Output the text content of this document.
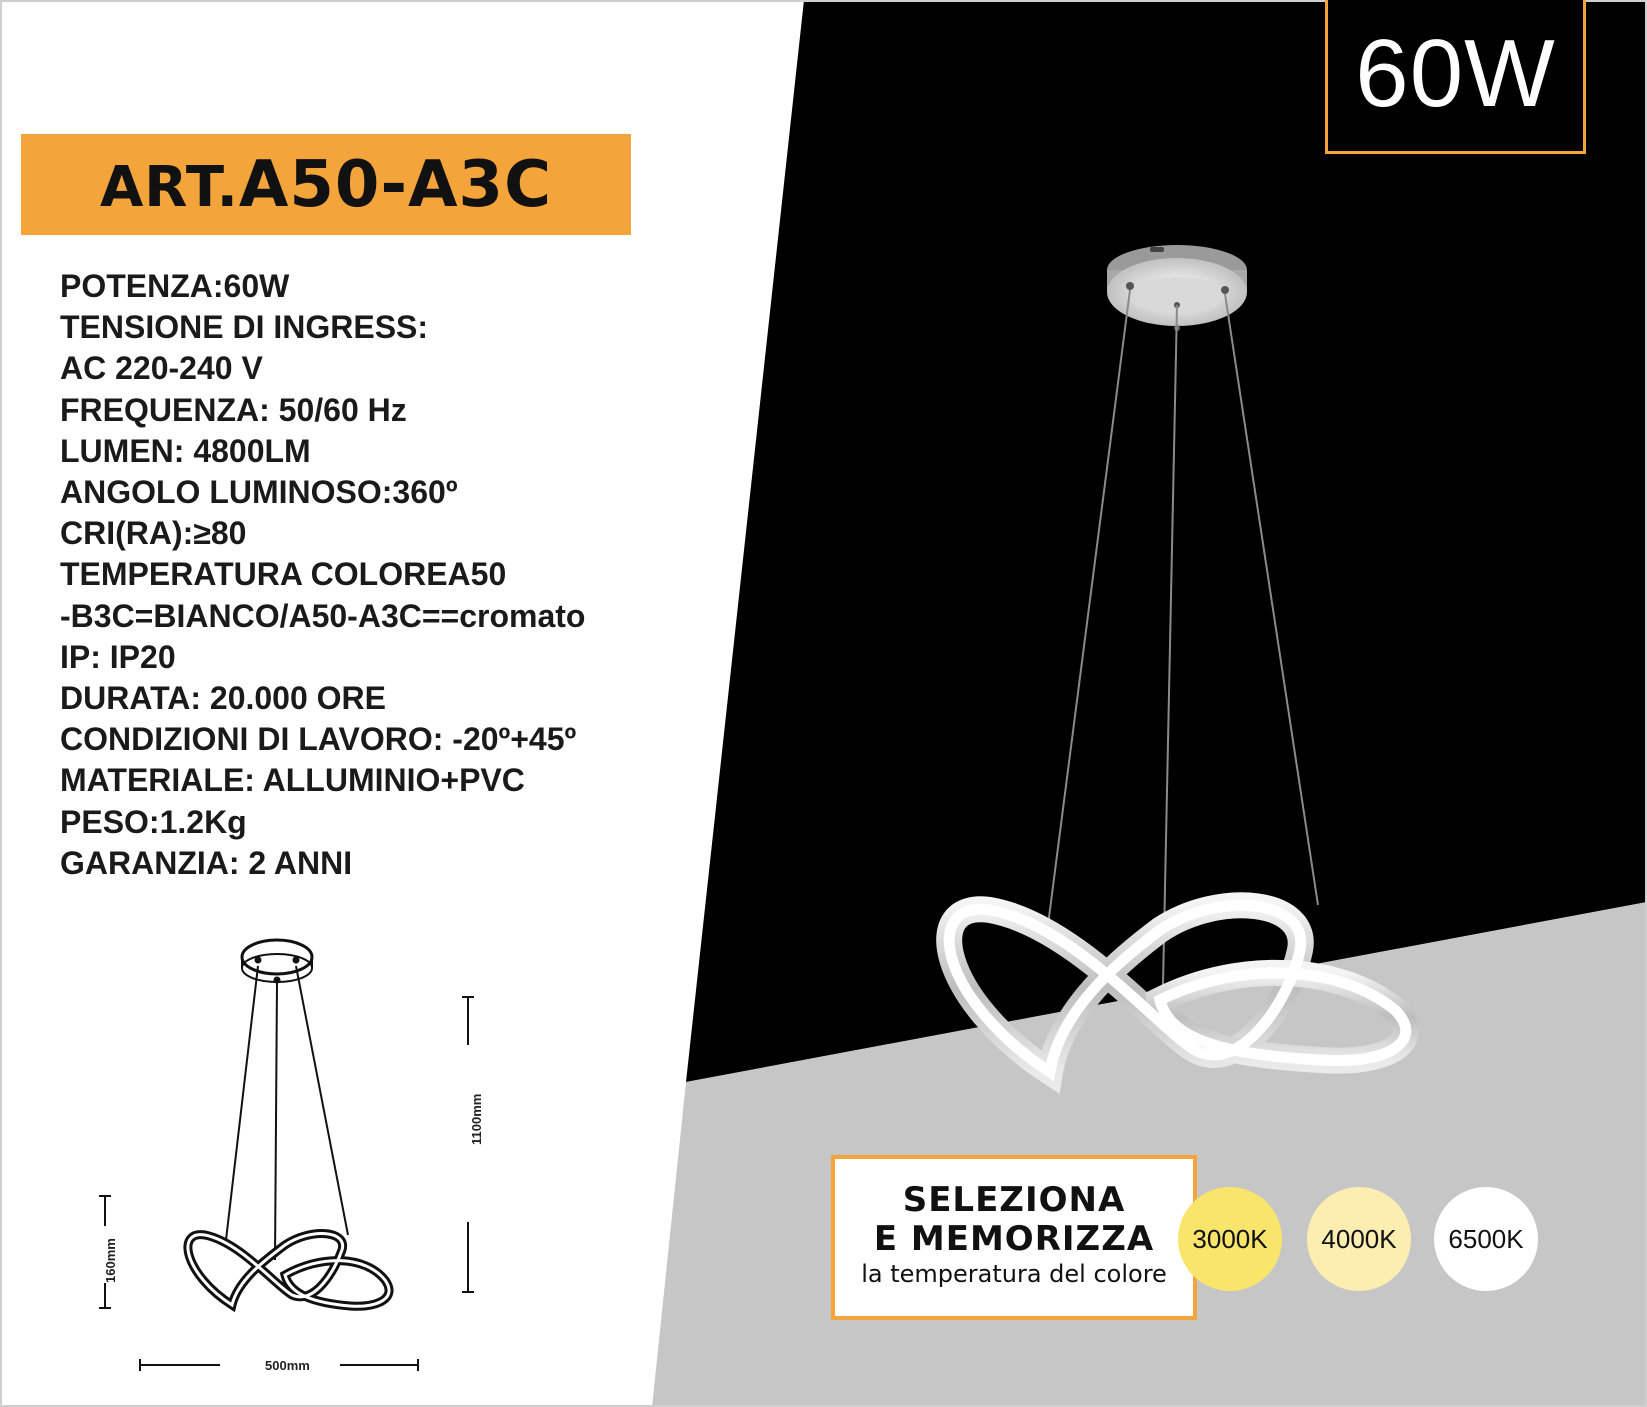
ART.A50-A3C
POTENZA:60W
TENSIONE DI INGRESS:
AC 220-240 V
FREQUENZA: 50/60 Hz
LUMEN: 4800LM
ANGOLO LUMINOSO:360º
CRI(RA):≥80
TEMPERATURA COLOREA50
-B3C=BIANCO/A50-A3C==cromato
IP: IP20
DURATA: 20.000 ORE
CONDIZIONI DI LAVORO: -20º+45º
MATERIALE: ALLUMINIO+PVC
PESO:1.2Kg
GARANZIA: 2 ANNI
60W
SELEZIONA
E MEMORIZZA
la temperatura del colore
3000K	4000K	6500K
500mm
1100mm
160mm
